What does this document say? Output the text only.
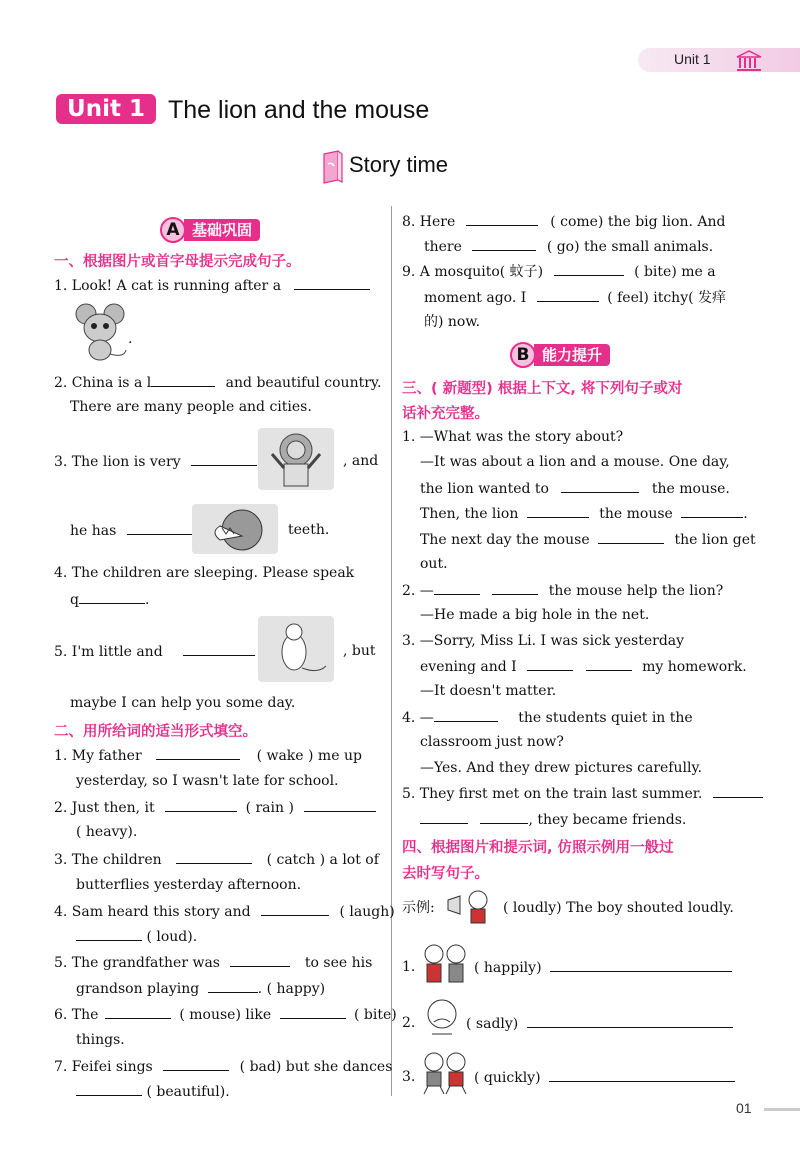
Unit 1
Unit 1 The lion and the mouse
Story time
A 基础巩固
一、根据图片或首字母提示完成句子。
1. Look! A cat is running after a
.
2. China is a l	and beautiful country.
There are many people and cities.
3. The lion is very	, and
he has	teeth.
4. The children are sleeping. Please speak
q	.
5. I'm little and	, but
maybe I can help you some day.
二、用所给词的适当形式填空。
1. My father	( wake ) me up
yesterday, so I wasn't late for school.
2. Just then, it	( rain )
( heavy).
3. The children	( catch ) a lot of
butterflies yesterday afternoon.
4. Sam heard this story and	( laugh)
( loud).
5. The grandfather was	to see his
grandson playing	. ( happy)
6. The	( mouse) like	( bite)
things.
7. Feifei sings	( bad) but she dances
( beautiful).
8. Here	( come) the big lion. And
there	( go) the small animals.
9. A mosquito( 蚊子)	( bite) me a
moment ago. I	( feel) itchy( 发痒
的) now.
B 能力提升
三、( 新题型) 根据上下文, 将下列句子或对
话补充完整。
1. —What was the story about?
—It was about a lion and a mouse. One day,
the lion wanted to	the mouse.
Then, the lion	the mouse	.
The next day the mouse	the lion get
out.
2. —	the mouse help the lion?
—He made a big hole in the net.
3. —Sorry, Miss Li. I was sick yesterday
evening and I	my homework.
—It doesn't matter.
4. —	the students quiet in the
classroom just now?
—Yes. And they drew pictures carefully.
5. They first met on the train last summer.
, they became friends.
四、根据图片和提示词, 仿照示例用一般过
去时写句子。
示例:	( loudly) The boy shouted loudly.
1.	( happily)
2.	( sadly)
3.	( quickly)
01
